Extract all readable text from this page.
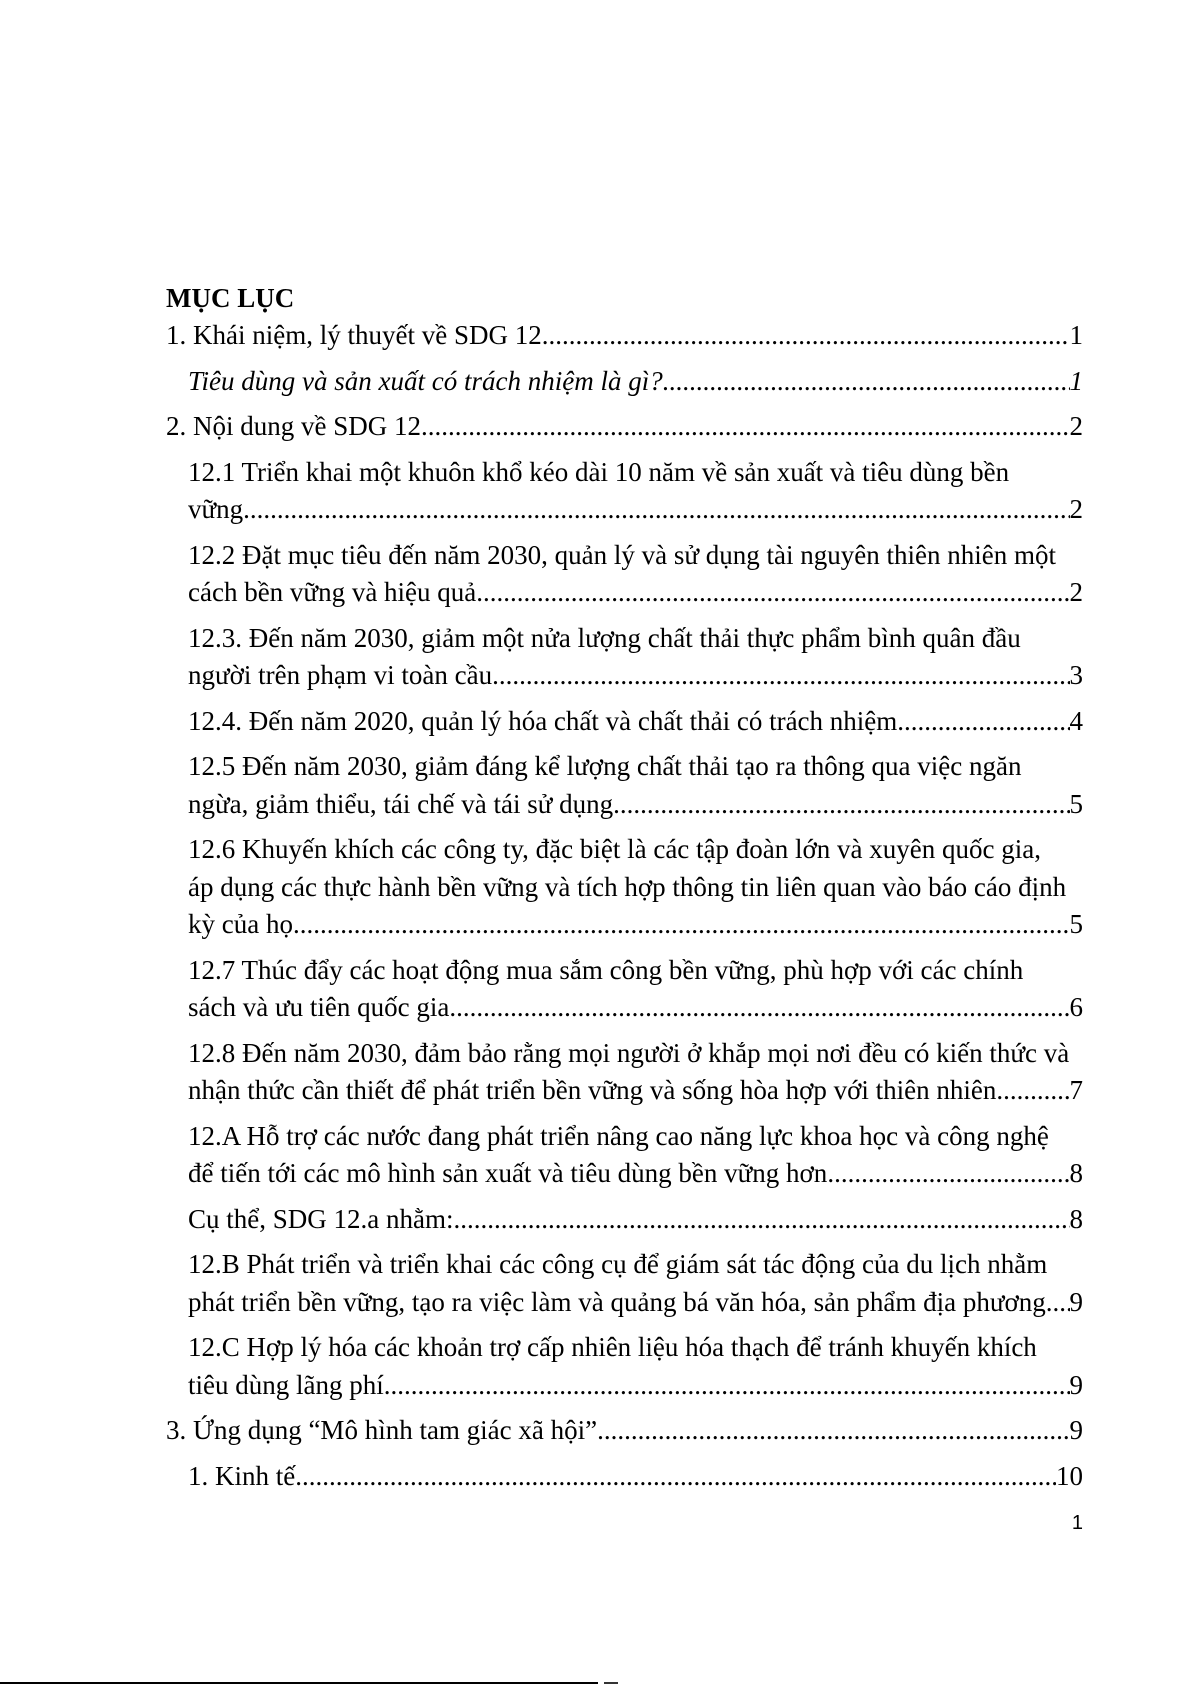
MỤC LỤC
1. Khái niệm, lý thuyết về SDG 12 .....	1
Tiêu dùng và sản xuất có trách nhiệm là gì? .....	1
2. Nội dung về SDG 12 .....	2
12.1 Triển khai một khuôn khổ kéo dài 10 năm về sản xuất và tiêu dùng bền
vững .....	2
12.2 Đặt mục tiêu đến năm 2030, quản lý và sử dụng tài nguyên thiên nhiên một
cách bền vững và hiệu quả .....	2
12.3. Đến năm 2030, giảm một nửa lượng chất thải thực phẩm bình quân đầu
người trên phạm vi toàn cầu .....	3
12.4. Đến năm 2020, quản lý hóa chất và chất thải có trách nhiệm .....	4
12.5 Đến năm 2030, giảm đáng kể lượng chất thải tạo ra thông qua việc ngăn
ngừa, giảm thiểu, tái chế và tái sử dụng .....	5
12.6 Khuyến khích các công ty, đặc biệt là các tập đoàn lớn và xuyên quốc gia,
áp dụng các thực hành bền vững và tích hợp thông tin liên quan vào báo cáo định
kỳ của họ .....	5
12.7 Thúc đẩy các hoạt động mua sắm công bền vững, phù hợp với các chính
sách và ưu tiên quốc gia .....	6
12.8 Đến năm 2030, đảm bảo rằng mọi người ở khắp mọi nơi đều có kiến thức và
nhận thức cần thiết để phát triển bền vững và sống hòa hợp với thiên nhiên .....	7
12.A Hỗ trợ các nước đang phát triển nâng cao năng lực khoa học và công nghệ
để tiến tới các mô hình sản xuất và tiêu dùng bền vững hơn .....	8
Cụ thể, SDG 12.a nhằm: .....	8
12.B Phát triển và triển khai các công cụ để giám sát tác động của du lịch nhằm
phát triển bền vững, tạo ra việc làm và quảng bá văn hóa, sản phẩm địa phương. ..... 9
12.C Hợp lý hóa các khoản trợ cấp nhiên liệu hóa thạch để tránh khuyến khích
tiêu dùng lãng phí .....	9
3. Ứng dụng “Mô hình tam giác xã hội” .....	9
1. Kinh tế .....	10
1
